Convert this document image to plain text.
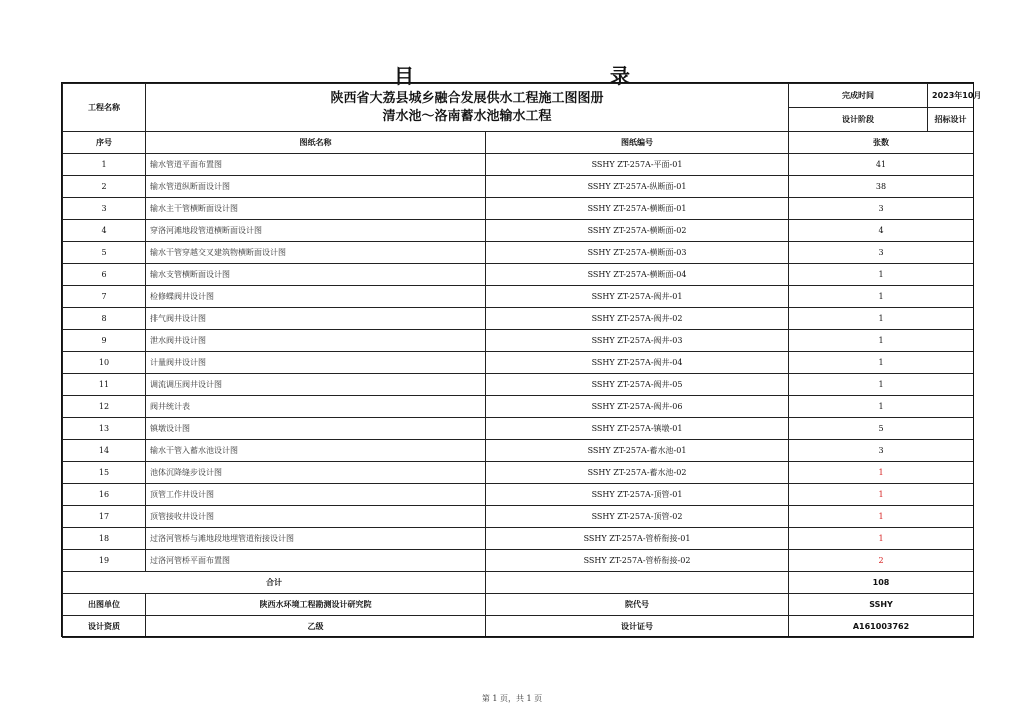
目　录
工程名称	陕西省大荔县城乡融合发展供水工程施工图图册
清水池～洛南蓄水池输水工程		完成时间	2023年10月
			设计阶段	招标设计
序号	图纸名称	图纸编号	张数	
1	输水管道平面布置图	SSHY ZT-257A-平面-01	41	
2	输水管道纵断面设计图	SSHY ZT-257A-纵断面-01	38	
3	输水主干管横断面设计图	SSHY ZT-257A-横断面-01	3	
4	穿洛河滩地段管道横断面设计图	SSHY ZT-257A-横断面-02	4	
5	输水干管穿越交叉建筑物横断面设计图	SSHY ZT-257A-横断面-03	3	
6	输水支管横断面设计图	SSHY ZT-257A-横断面-04	1	
7	检修蝶阀井设计图	SSHY ZT-257A-阀井-01	1	
8	排气阀井设计图	SSHY ZT-257A-阀井-02	1	
9	泄水阀井设计图	SSHY ZT-257A-阀井-03	1	
10	计量阀井设计图	SSHY ZT-257A-阀井-04	1	
11	调流调压阀井设计图	SSHY ZT-257A-阀井-05	1	
12	阀井统计表	SSHY ZT-257A-阀井-06	1	
13	镇墩设计图	SSHY ZT-257A-镇墩-01	5	
14	输水干管入蓄水池设计图	SSHY ZT-257A-蓄水池-01	3	
15	池体沉降缝步设计图	SSHY ZT-257A-蓄水池-02	1	
16	顶管工作井设计图	SSHY ZT-257A-顶管-01	1	
17	顶管接收井设计图	SSHY ZT-257A-顶管-02	1	
18	过洛河管桥与滩地段地埋管道衔接设计图	SSHY ZT-257A-管桥衔接-01	1	
19	过洛河管桥平面布置图	SSHY ZT-257A-管桥衔接-02	2	
合计			108	
出图单位	陕西水环境工程勘测设计研究院	院代号	SSHY	
设计资质	乙级	设计证号	A161003762	
第 1 页，共 1 页
